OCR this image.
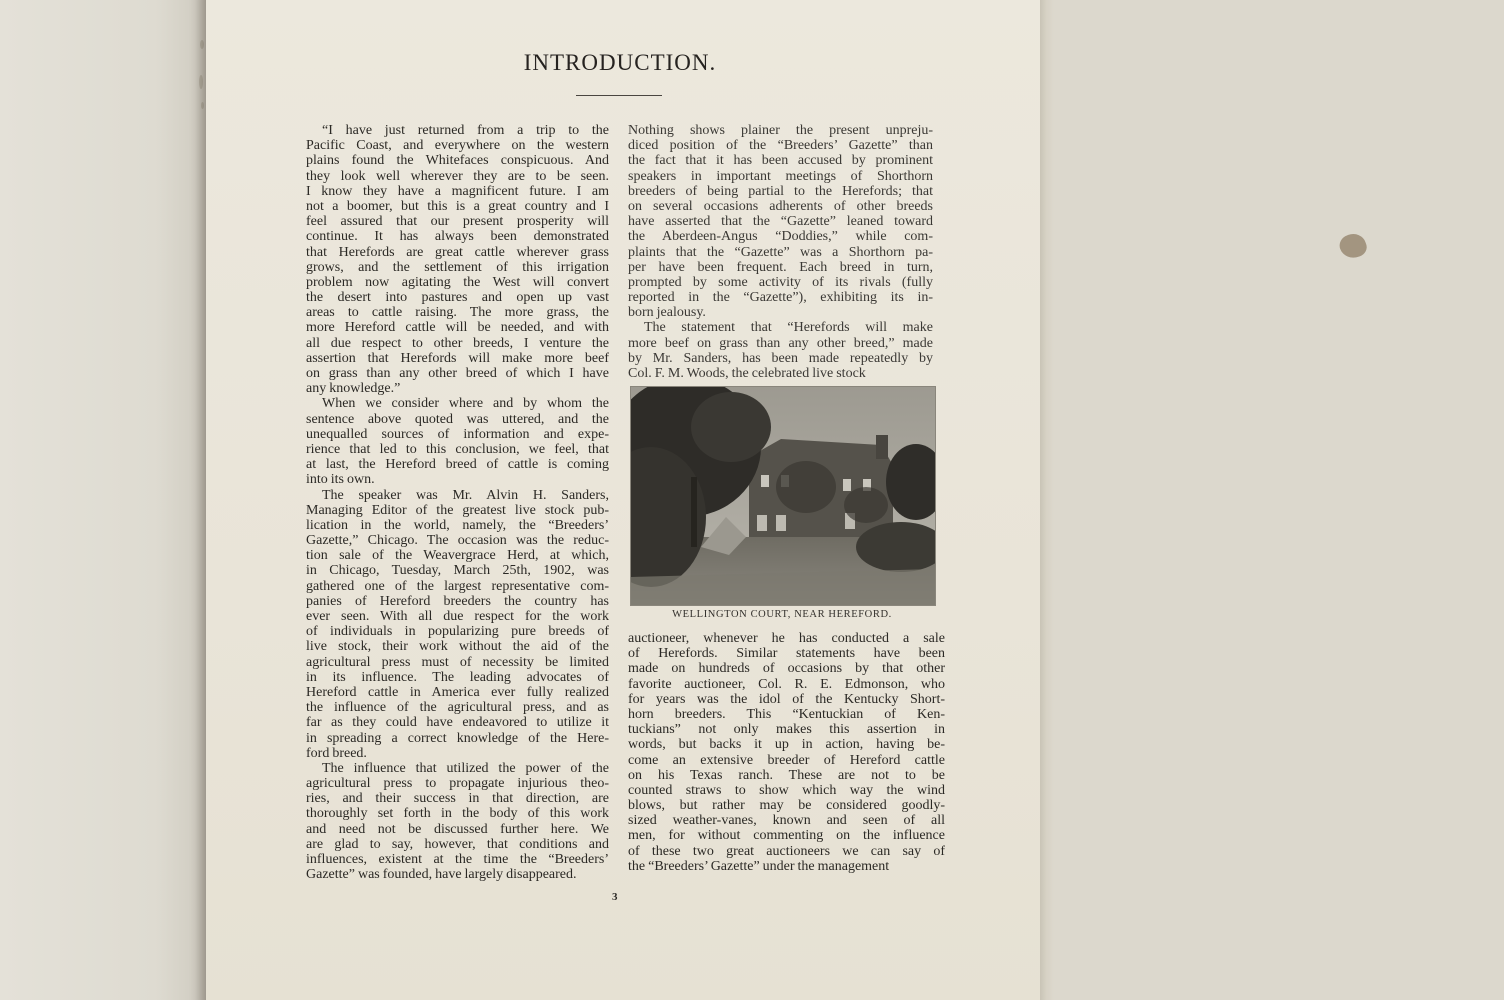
INTRODUCTION.
“I have just returned from a trip to the
Pacific Coast, and everywhere on the western
plains found the Whitefaces conspicuous. And
they look well wherever they are to be seen.
I know they have a magnificent future. I am
not a boomer, but this is a great country and I
feel assured that our present prosperity will
continue. It has always been demonstrated
that Herefords are great cattle wherever grass
grows, and the settlement of this irrigation
problem now agitating the West will convert
the desert into pastures and open up vast
areas to cattle raising. The more grass, the
more Hereford cattle will be needed, and with
all due respect to other breeds, I venture the
assertion that Herefords will make more beef
on grass than any other breed of which I have
any knowledge.”
When we consider where and by whom the
sentence above quoted was uttered, and the
unequalled sources of information and expe-
rience that led to this conclusion, we feel, that
at last, the Hereford breed of cattle is coming
into its own.
The speaker was Mr. Alvin H. Sanders,
Managing Editor of the greatest live stock pub-
lication in the world, namely, the “Breeders’
Gazette,” Chicago. The occasion was the reduc-
tion sale of the Weavergrace Herd, at which,
in Chicago, Tuesday, March 25th, 1902, was
gathered one of the largest representative com-
panies of Hereford breeders the country has
ever seen. With all due respect for the work
of individuals in popularizing pure breeds of
live stock, their work without the aid of the
agricultural press must of necessity be limited
in its influence. The leading advocates of
Hereford cattle in America ever fully realized
the influence of the agricultural press, and as
far as they could have endeavored to utilize it
in spreading a correct knowledge of the Here-
ford breed.
The influence that utilized the power of the
agricultural press to propagate injurious theo-
ries, and their success in that direction, are
thoroughly set forth in the body of this work
and need not be discussed further here. We
are glad to say, however, that conditions and
influences, existent at the time the “Breeders’
Gazette” was founded, have largely disappeared.
Nothing shows plainer the present unpreju-
diced position of the “Breeders’ Gazette” than
the fact that it has been accused by prominent
speakers in important meetings of Shorthorn
breeders of being partial to the Herefords; that
on several occasions adherents of other breeds
have asserted that the “Gazette” leaned toward
the Aberdeen-Angus “Doddies,” while com-
plaints that the “Gazette” was a Shorthorn pa-
per have been frequent. Each breed in turn,
prompted by some activity of its rivals (fully
reported in the “Gazette”), exhibiting its in-
born jealousy.
The statement that “Herefords will make
more beef on grass than any other breed,” made
by Mr. Sanders, has been made repeatedly by
Col. F. M. Woods, the celebrated live stock
WELLINGTON COURT, NEAR HEREFORD.
auctioneer, whenever he has conducted a sale
of Herefords. Similar statements have been
made on hundreds of occasions by that other
favorite auctioneer, Col. R. E. Edmonson, who
for years was the idol of the Kentucky Short-
horn breeders. This “Kentuckian of Ken-
tuckians” not only makes this assertion in
words, but backs it up in action, having be-
come an extensive breeder of Hereford cattle
on his Texas ranch. These are not to be
counted straws to show which way the wind
blows, but rather may be considered goodly-
sized weather-vanes, known and seen of all
men, for without commenting on the influence
of these two great auctioneers we can say of
the “Breeders’ Gazette” under the management
3
